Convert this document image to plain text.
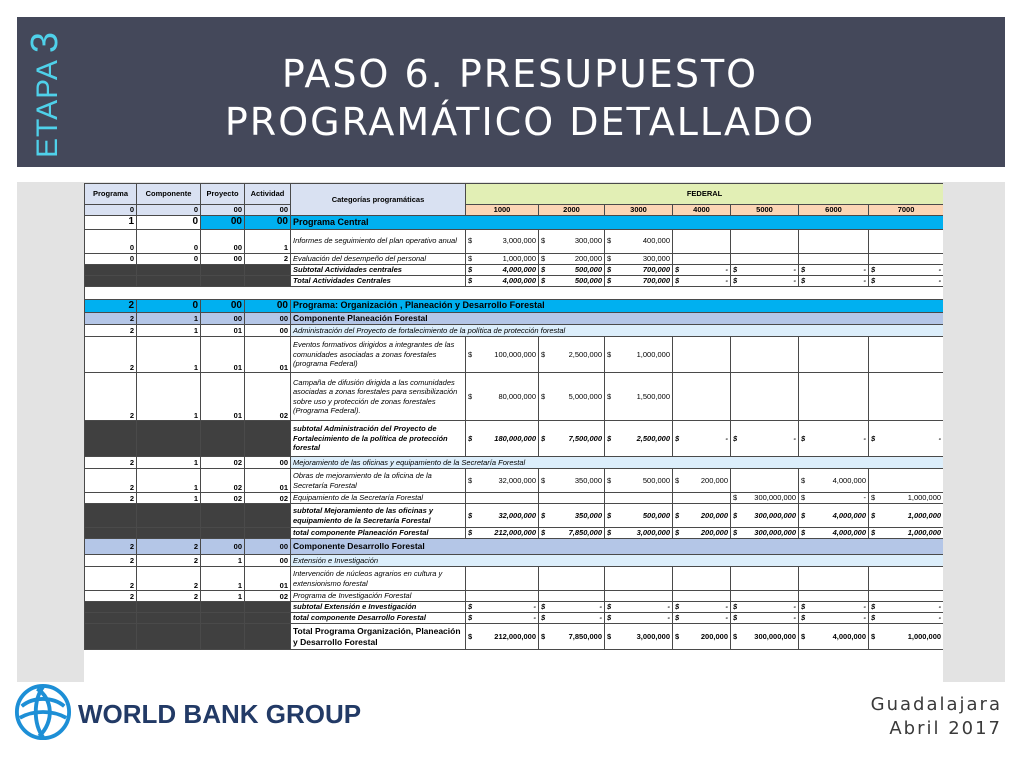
ETAPA
3
PASO 6. PRESUPUESTO
PROGRAMÁTICO DETALLADO
Programa	Componente	Proyecto	Actividad	Categorías programáticas	FEDERAL						
0	0	00	00		1000	2000	3000	4000	5000	6000	7000
1	0	00	00	Programa Central							
0	0	00	1	Informes de seguimiento del plan operativo anual	$ 3,000,000	$ 300,000	$ 400,000				

0	0	00	2	Evaluación del desempeño del personal	$ 1,000,000	$ 200,000	$ 300,000				

				Subtotal Actividades centrales	$ 4,000,000	$ 500,000	$ 700,000	$ -	$ -	$ -	$ -

				Total Actividades Centrales	$ 4,000,000	$ 500,000	$ 700,000	$ -	$ -	$ -	$ -

2	0	00	00	Programa: Organización , Planeación y Desarrollo Forestal							
2	1	00	00	Componente Planeación Forestal							
2	1	01	00	Administración del Proyecto de fortalecimiento de la política de protección forestal							
2	1	01	01	Eventos formativos dirigidos a integrantes de las comunidades asociadas a zonas forestales (programa Federal)	$ 100,000,000	$ 2,500,000	$ 1,000,000				

2	1	01	02	Campaña de difusión dirigida a las comunidades asociadas a zonas forestales para sensibilización sobre uso y protección de zonas forestales (Programa Federal).	$ 80,000,000	$ 5,000,000	$ 1,500,000				

				subtotal Administración del Proyecto de Fortalecimiento de la política de protección forestal	$ 180,000,000	$ 7,500,000	$ 2,500,000	$ -	$ -	$ -	$ -

2	1	02	00	Mejoramiento de las oficinas y equipamiento de la Secretaría Forestal							
2	1	02	01	Obras de mejoramiento de la oficina de la Secretaría Forestal	$ 32,000,000	$ 350,000	$ 500,000	$ 200,000		$ 4,000,000	

2	1	02	02	Equipamiento de la Secretaría Forestal					$ 300,000,000	$ -	$ 1,000,000

				subtotal Mejoramiento de las oficinas y equipamiento de la Secretaría Forestal	$ 32,000,000	$ 350,000	$ 500,000	$ 200,000	$ 300,000,000	$ 4,000,000	$ 1,000,000

				total componente Planeación Forestal	$ 212,000,000	$ 7,850,000	$ 3,000,000	$ 200,000	$ 300,000,000	$ 4,000,000	$ 1,000,000

2	2	00	00	Componente Desarrollo Forestal							
2	2	1	00	Extensión e Investigación							
2	2	1	01	Intervención de núcleos agrarios en cultura y extensionismo forestal							
2	2	1	02	Programa de Investigación Forestal							
				subtotal Extensión e Investigación	$ -	$ -	$ -	$ -	$ -	$ -	$ -

				total componente Desarrollo Forestal	$ -	$ -	$ -	$ -	$ -	$ -	$ -

				Total Programa Organización, Planeación y Desarrollo Forestal	$ 212,000,000	$ 7,850,000	$ 3,000,000	$ 200,000	$ 300,000,000	$ 4,000,000	$ 1,000,000
WORLD BANK GROUP	Guadalajara
Abril 2017
